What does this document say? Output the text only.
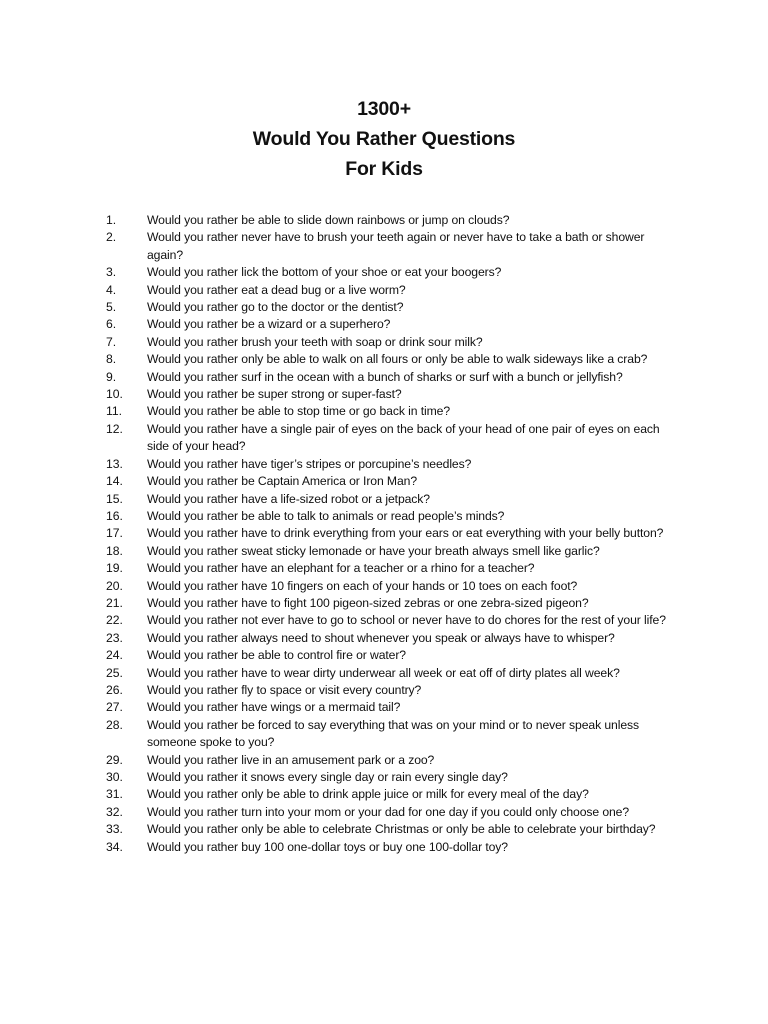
1300+
Would You Rather Questions
For Kids
1.	Would you rather be able to slide down rainbows or jump on clouds?
2.	Would you rather never have to brush your teeth again or never have to take a bath or shower again?
3.	Would you rather lick the bottom of your shoe or eat your boogers?
4.	Would you rather eat a dead bug or a live worm?
5.	Would you rather go to the doctor or the dentist?
6.	Would you rather be a wizard or a superhero?
7.	Would you rather brush your teeth with soap or drink sour milk?
8.	Would you rather only be able to walk on all fours or only be able to walk sideways like a crab?
9.	Would you rather surf in the ocean with a bunch of sharks or surf with a bunch or jellyfish?
10. Would you rather be super strong or super-fast?
11. Would you rather be able to stop time or go back in time?
12. Would you rather have a single pair of eyes on the back of your head of one pair of eyes on each side of your head?
13. Would you rather have tiger’s stripes or porcupine’s needles?
14. Would you rather be Captain America or Iron Man?
15. Would you rather have a life-sized robot or a jetpack?
16. Would you rather be able to talk to animals or read people’s minds?
17. Would you rather have to drink everything from your ears or eat everything with your belly button?
18. Would you rather sweat sticky lemonade or have your breath always smell like garlic?
19. Would you rather have an elephant for a teacher or a rhino for a teacher?
20. Would you rather have 10 fingers on each of your hands or 10 toes on each foot?
21. Would you rather have to fight 100 pigeon-sized zebras or one zebra-sized pigeon?
22. Would you rather not ever have to go to school or never have to do chores for the rest of your life?
23. Would you rather always need to shout whenever you speak or always have to whisper?
24. Would you rather be able to control fire or water?
25. Would you rather have to wear dirty underwear all week or eat off of dirty plates all week?
26. Would you rather fly to space or visit every country?
27. Would you rather have wings or a mermaid tail?
28. Would you rather be forced to say everything that was on your mind or to never speak unless someone spoke to you?
29. Would you rather live in an amusement park or a zoo?
30. Would you rather it snows every single day or rain every single day?
31. Would you rather only be able to drink apple juice or milk for every meal of the day?
32. Would you rather turn into your mom or your dad for one day if you could only choose one?
33. Would you rather only be able to celebrate Christmas or only be able to celebrate your birthday?
34. Would you rather buy 100 one-dollar toys or buy one 100-dollar toy?
